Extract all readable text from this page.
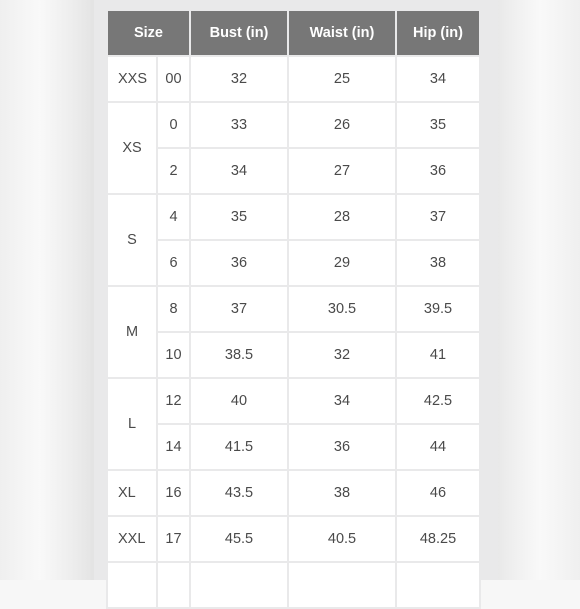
Size		Bust (in)	Waist (in)	Hip (in)
XXS	00	32	25	34
XS	0	33	26	35
	2	34	27	36
S	4	35	28	37
	6	36	29	38
M	8	37	30.5	39.5
	10	38.5	32	41
L	12	40	34	42.5
	14	41.5	36	44
XL	16	43.5	38	46
XXL	17	45.5	40.5	48.25
